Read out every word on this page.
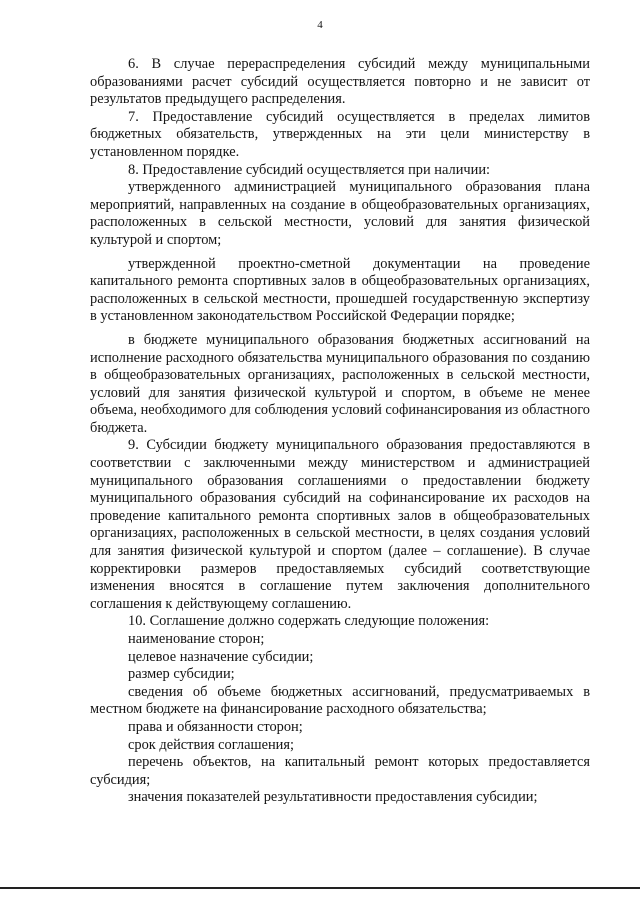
4

6. В случае перераспределения субсидий между муниципальными образованиями расчет субсидий осуществляется повторно и не зависит от результатов предыдущего распределения.

7. Предоставление субсидий осуществляется в пределах лимитов бюджетных обязательств, утвержденных на эти цели министерству в установленном порядке.

8. Предоставление субсидий осуществляется при наличии:

утвержденного администрацией муниципального образования плана мероприятий, направленных на создание в общеобразовательных организациях, расположенных в сельской местности, условий для занятия физической культурой и спортом;

утвержденной проектно-сметной документации на проведение капитального ремонта спортивных залов в общеобразовательных организациях, расположенных в сельской местности, прошедшей государственную экспертизу в установленном законодательством Российской Федерации порядке;

в бюджете муниципального образования бюджетных ассигнований на исполнение расходного обязательства муниципального образования по созданию в общеобразовательных организациях, расположенных в сельской местности, условий для занятия физической культурой и спортом, в объеме не менее объема, необходимого для соблюдения условий софинансирования из областного бюджета.

9. Субсидии бюджету муниципального образования предоставляются в соответствии с заключенными между министерством и администрацией муниципального образования соглашениями о предоставлении бюджету муниципального образования субсидий на софинансирование их расходов на проведение капитального ремонта спортивных залов в общеобразовательных организациях, расположенных в сельской местности, в целях создания условий для занятия физической культурой и спортом (далее – соглашение). В случае корректировки размеров предоставляемых субсидий соответствующие изменения вносятся в соглашение путем заключения дополнительного соглашения к действующему соглашению.

10. Соглашение должно содержать следующие положения:

наименование сторон;

целевое назначение субсидии;

размер субсидии;

сведения об объеме бюджетных ассигнований, предусматриваемых в местном бюджете на финансирование расходного обязательства;

права и обязанности сторон;

срок действия соглашения;

перечень объектов, на капитальный ремонт которых предоставляется субсидия;

значения показателей результативности предоставления субсидии;
